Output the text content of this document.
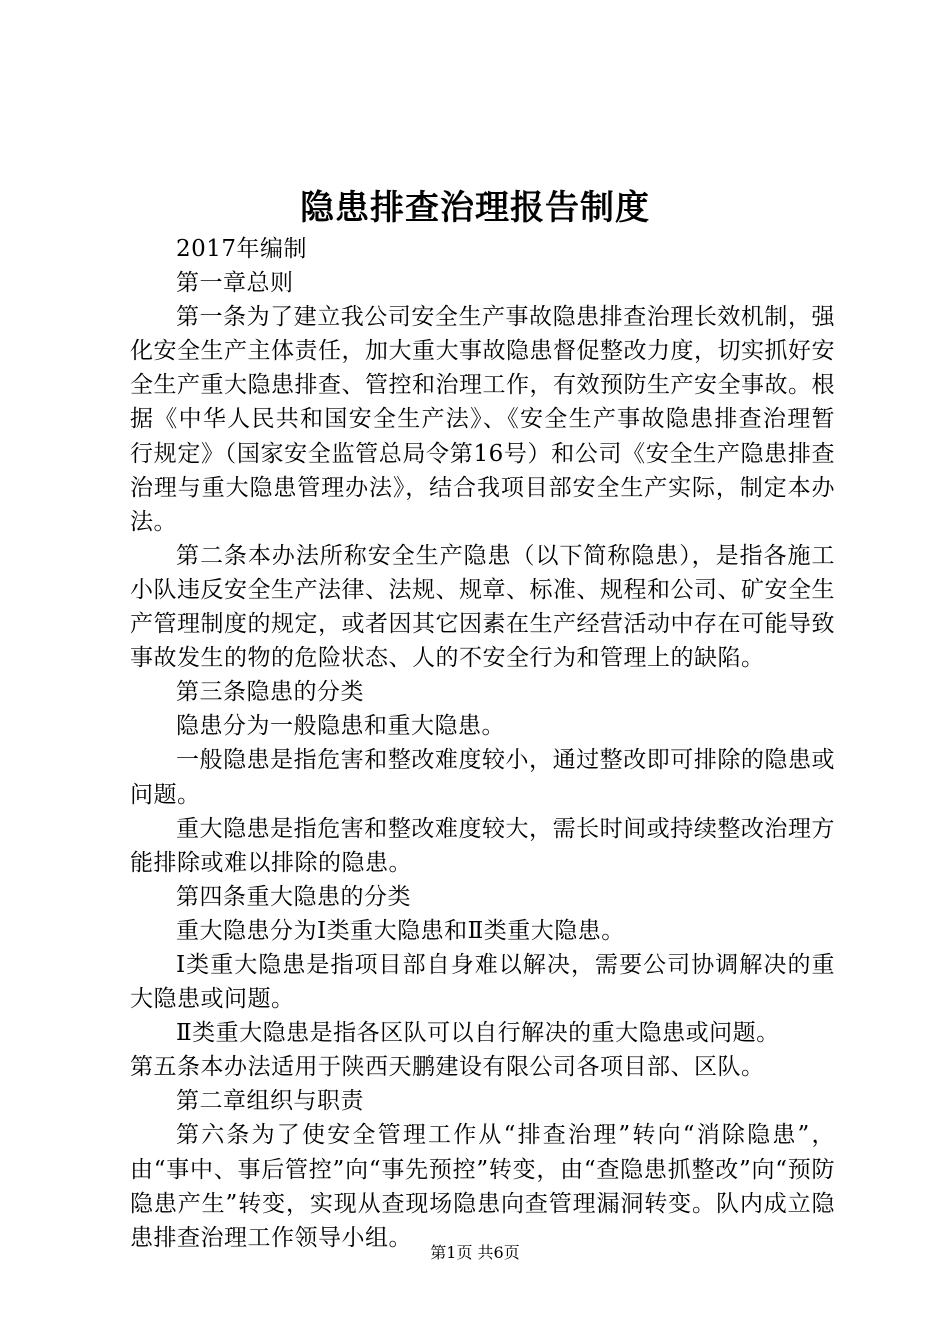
隐患排查治理报告制度

2017年编制

第一章总则

第一条为了建立我公司安全生产事故隐患排查治理长效机制，强化安全生产主体责任，加大重大事故隐患督促整改力度，切实抓好安全生产重大隐患排查、管控和治理工作，有效预防生产安全事故。根据《中华人民共和国安全生产法》、《安全生产事故隐患排查治理暂行规定》（国家安全监管总局令第16号）和公司《安全生产隐患排查治理与重大隐患管理办法》，结合我项目部安全生产实际，制定本办法。

第二条本办法所称安全生产隐患（以下简称隐患），是指各施工小队违反安全生产法律、法规、规章、标准、规程和公司、矿安全生产管理制度的规定，或者因其它因素在生产经营活动中存在可能导致事故发生的物的危险状态、人的不安全行为和管理上的缺陷。

第三条隐患的分类

隐患分为一般隐患和重大隐患。

一般隐患是指危害和整改难度较小，通过整改即可排除的隐患或问题。

重大隐患是指危害和整改难度较大，需长时间或持续整改治理方能排除或难以排除的隐患。

第四条重大隐患的分类

重大隐患分为Ⅰ类重大隐患和Ⅱ类重大隐患。

Ⅰ类重大隐患是指项目部自身难以解决，需要公司协调解决的重大隐患或问题。

Ⅱ类重大隐患是指各区队可以自行解决的重大隐患或问题。

第五条本办法适用于陕西天鹏建设有限公司各项目部、区队。

第二章组织与职责

第六条为了使安全管理工作从“排查治理”转向“消除隐患”，由“事中、事后管控”向“事先预控”转变，由“查隐患抓整改”向“预防隐患产生”转变，实现从查现场隐患向查管理漏洞转变。队内成立隐患排查治理工作领导小组。

第1页 共6页
